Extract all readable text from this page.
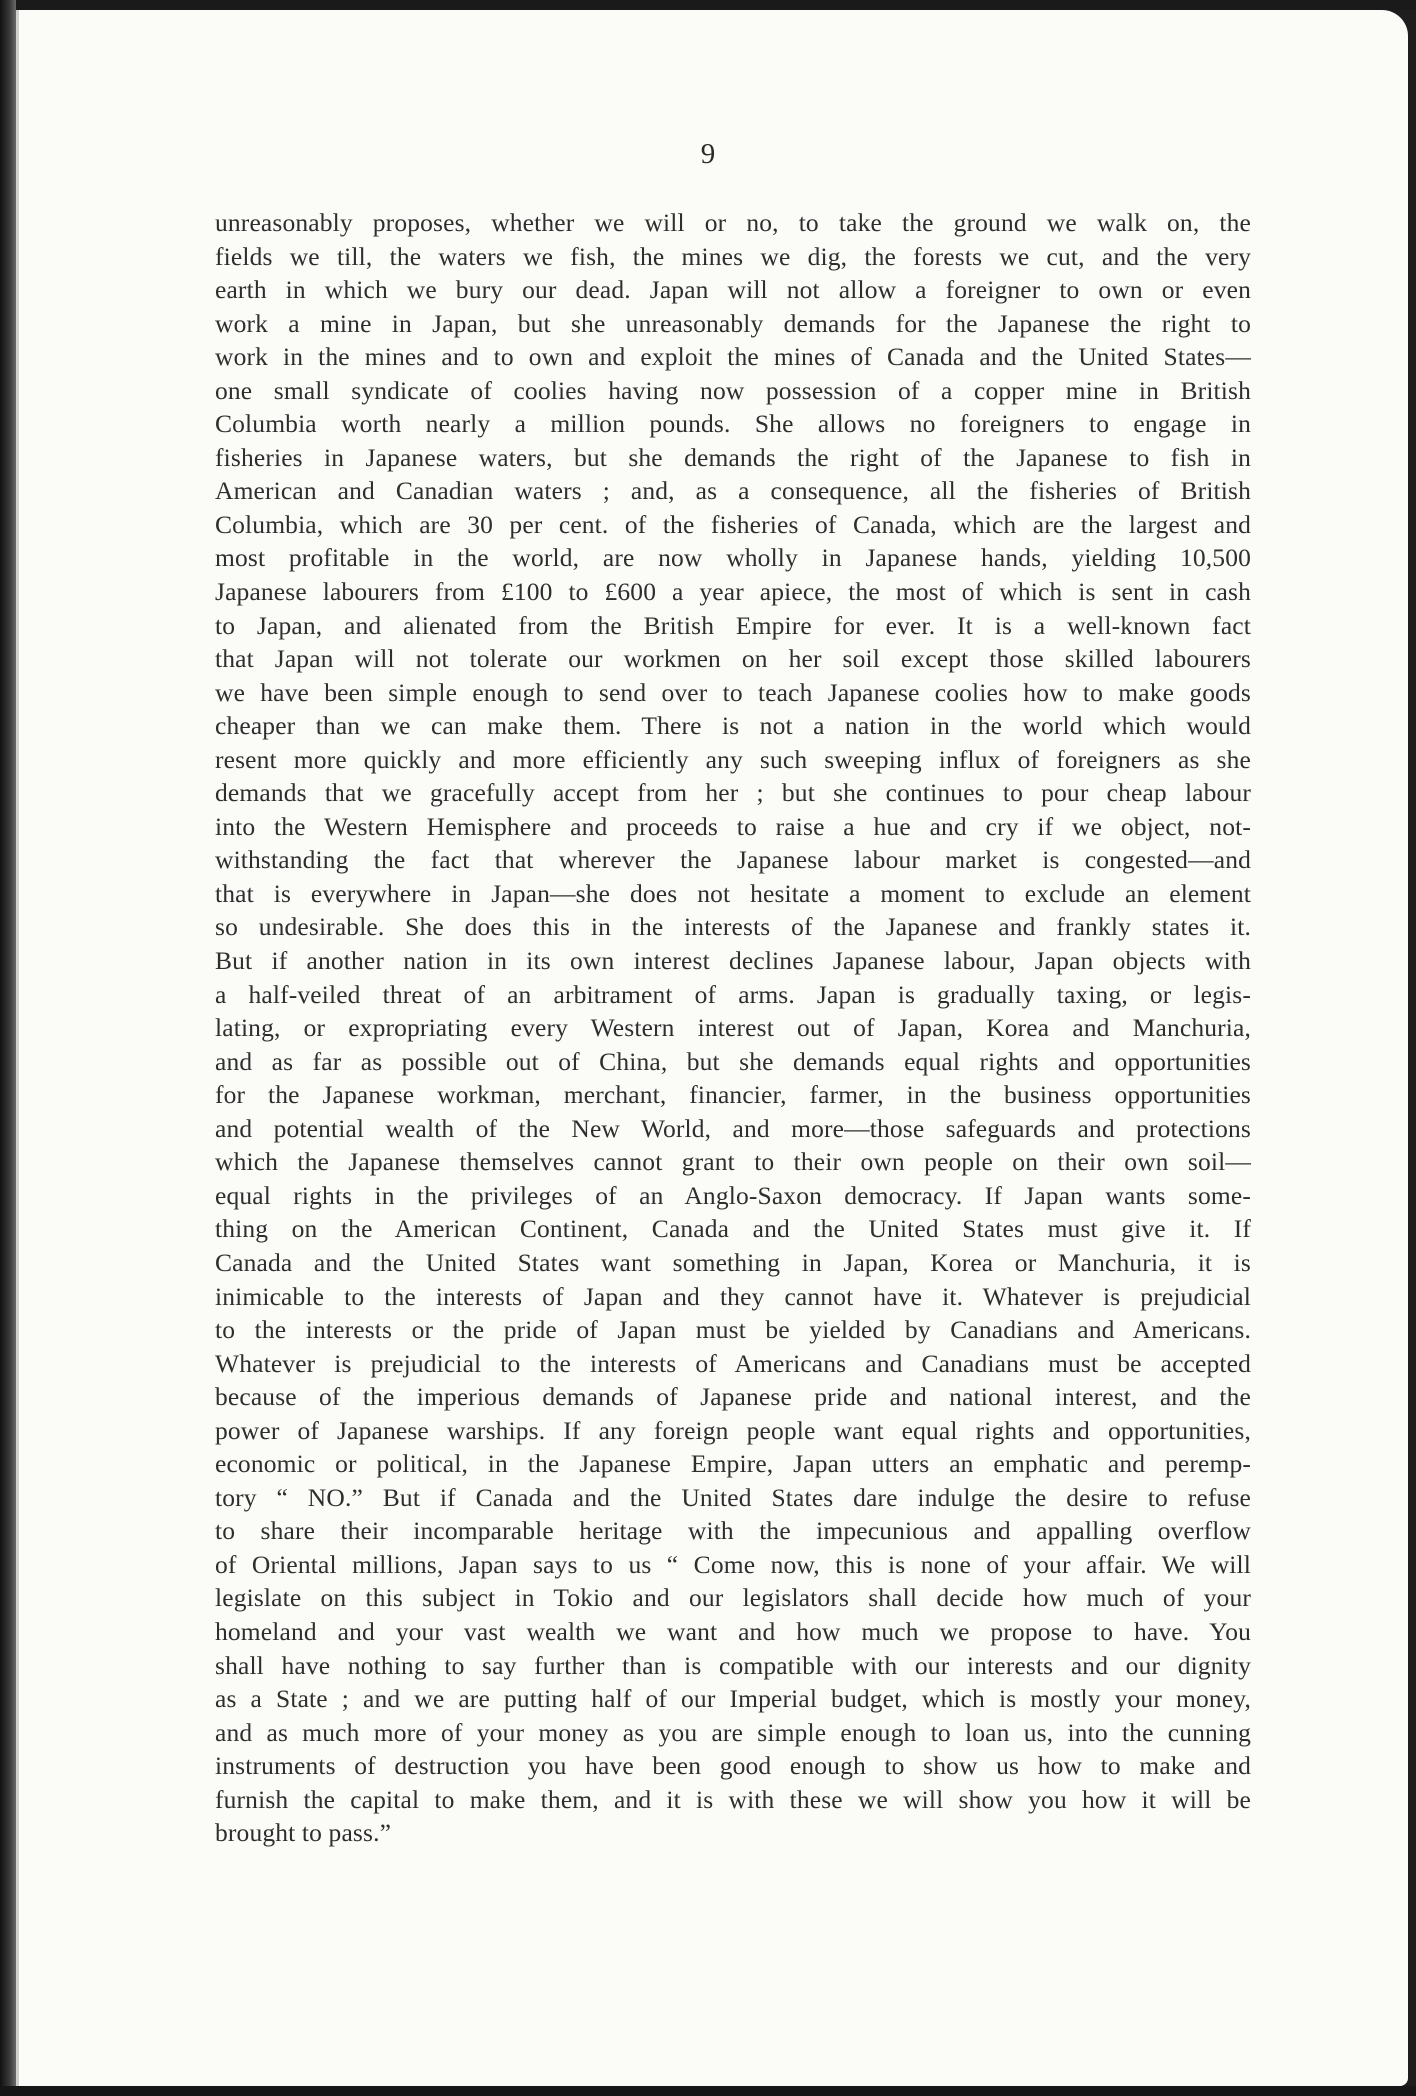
9
unreasonably proposes, whether we will or no, to take the ground we walk on, the
fields we till, the waters we fish, the mines we dig, the forests we cut, and the very
earth in which we bury our dead. Japan will not allow a foreigner to own or even
work a mine in Japan, but she unreasonably demands for the Japanese the right to
work in the mines and to own and exploit the mines of Canada and the United States—
one small syndicate of coolies having now possession of a copper mine in British
Columbia worth nearly a million pounds. She allows no foreigners to engage in
fisheries in Japanese waters, but she demands the right of the Japanese to fish in
American and Canadian waters ; and, as a consequence, all the fisheries of British
Columbia, which are 30 per cent. of the fisheries of Canada, which are the largest and
most profitable in the world, are now wholly in Japanese hands, yielding 10,500
Japanese labourers from £100 to £600 a year apiece, the most of which is sent in cash
to Japan, and alienated from the British Empire for ever. It is a well-known fact
that Japan will not tolerate our workmen on her soil except those skilled labourers
we have been simple enough to send over to teach Japanese coolies how to make goods
cheaper than we can make them. There is not a nation in the world which would
resent more quickly and more efficiently any such sweeping influx of foreigners as she
demands that we gracefully accept from her ; but she continues to pour cheap labour
into the Western Hemisphere and proceeds to raise a hue and cry if we object, not-
withstanding the fact that wherever the Japanese labour market is congested—and
that is everywhere in Japan—she does not hesitate a moment to exclude an element
so undesirable. She does this in the interests of the Japanese and frankly states it.
But if another nation in its own interest declines Japanese labour, Japan objects with
a half-veiled threat of an arbitrament of arms. Japan is gradually taxing, or legis-
lating, or expropriating every Western interest out of Japan, Korea and Manchuria,
and as far as possible out of China, but she demands equal rights and opportunities
for the Japanese workman, merchant, financier, farmer, in the business opportunities
and potential wealth of the New World, and more—those safeguards and protections
which the Japanese themselves cannot grant to their own people on their own soil—
equal rights in the privileges of an Anglo-Saxon democracy. If Japan wants some-
thing on the American Continent, Canada and the United States must give it. If
Canada and the United States want something in Japan, Korea or Manchuria, it is
inimicable to the interests of Japan and they cannot have it. Whatever is prejudicial
to the interests or the pride of Japan must be yielded by Canadians and Americans.
Whatever is prejudicial to the interests of Americans and Canadians must be accepted
because of the imperious demands of Japanese pride and national interest, and the
power of Japanese warships. If any foreign people want equal rights and opportunities,
economic or political, in the Japanese Empire, Japan utters an emphatic and peremp-
tory “ NO.” But if Canada and the United States dare indulge the desire to refuse
to share their incomparable heritage with the impecunious and appalling overflow
of Oriental millions, Japan says to us “ Come now, this is none of your affair. We will
legislate on this subject in Tokio and our legislators shall decide how much of your
homeland and your vast wealth we want and how much we propose to have. You
shall have nothing to say further than is compatible with our interests and our dignity
as a State ; and we are putting half of our Imperial budget, which is mostly your money,
and as much more of your money as you are simple enough to loan us, into the cunning
instruments of destruction you have been good enough to show us how to make and
furnish the capital to make them, and it is with these we will show you how it will be
brought to pass.”
